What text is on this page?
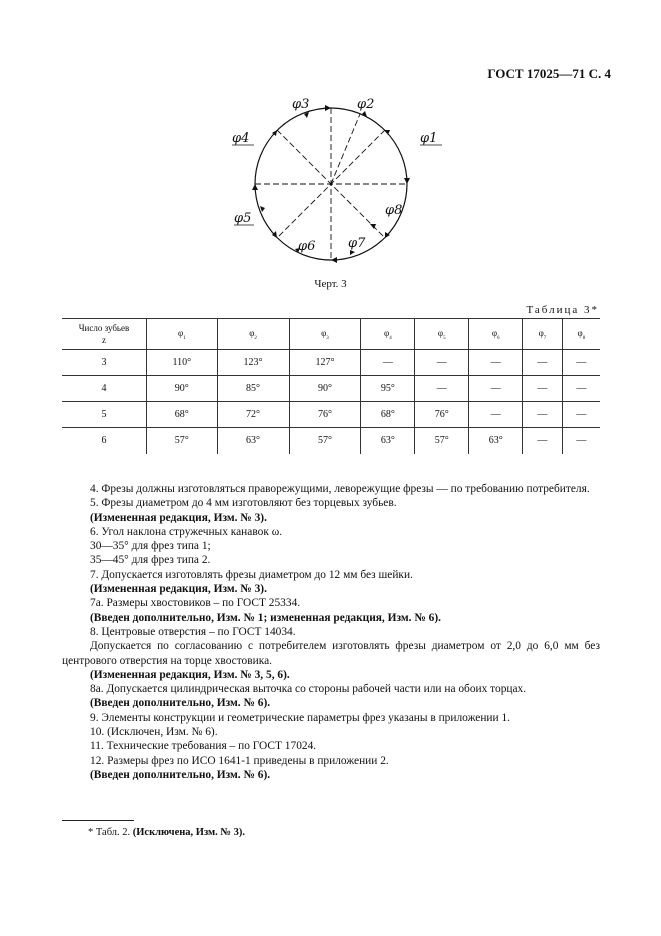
ГОСТ 17025—71 С. 4
φ3	φ2
φ1
φ4
φ8
φ5
φ6	φ7
Черт. 3
Таблица 3*
Число зубьев
z	$\varphi_1$	$\varphi_2$	$\varphi_3$	$\varphi_4$	$\varphi_5$	$\varphi_6$	$\varphi_7$	$\varphi_8$
3	110°	123°	127°	—	—	—	—	—
4	90°	85°	90°	95°	—	—	—	—
5	68°	72°	76°	68°	76°	—	—	—
6	57°	63°	57°	63°	57°	63°	—	—

4. Фрезы должны изготовляться праворежущими, леворежущие фрезы — по требованию потребителя.

5. Фрезы диаметром до 4 мм изготовляют без торцевых зубьев.

(Измененная редакция, Изм. № 3).

6. Угол наклона стружечных канавок ω.

30—35° для фрез типа 1;

35—45° для фрез типа 2.

7. Допускается изготовлять фрезы диаметром до 12 мм без шейки.

(Измененная редакция, Изм. № 3).

7а. Размеры хвостовиков – по ГОСТ 25334.

(Введен дополнительно, Изм. № 1; измененная редакция, Изм. № 6).

8. Центровые отверстия – по ГОСТ 14034.

Допускается по согласованию с потребителем изготовлять фрезы диаметром от 2,0 до 6,0 мм без центрового отверстия на торце хвостовика.

(Измененная редакция, Изм. № 3, 5, 6).

8а. Допускается цилиндрическая выточка со стороны рабочей части или на обоих торцах.

(Введен дополнительно, Изм. № 6).

9. Элементы конструкции и геометрические параметры фрез указаны в приложении 1.

10. (Исключен, Изм. № 6).

11. Технические требования – по ГОСТ 17024.

12. Размеры фрез по ИСО 1641-1 приведены в приложении 2.

(Введен дополнительно, Изм. № 6).

* Табл. 2. (Исключена, Изм. № 3).
